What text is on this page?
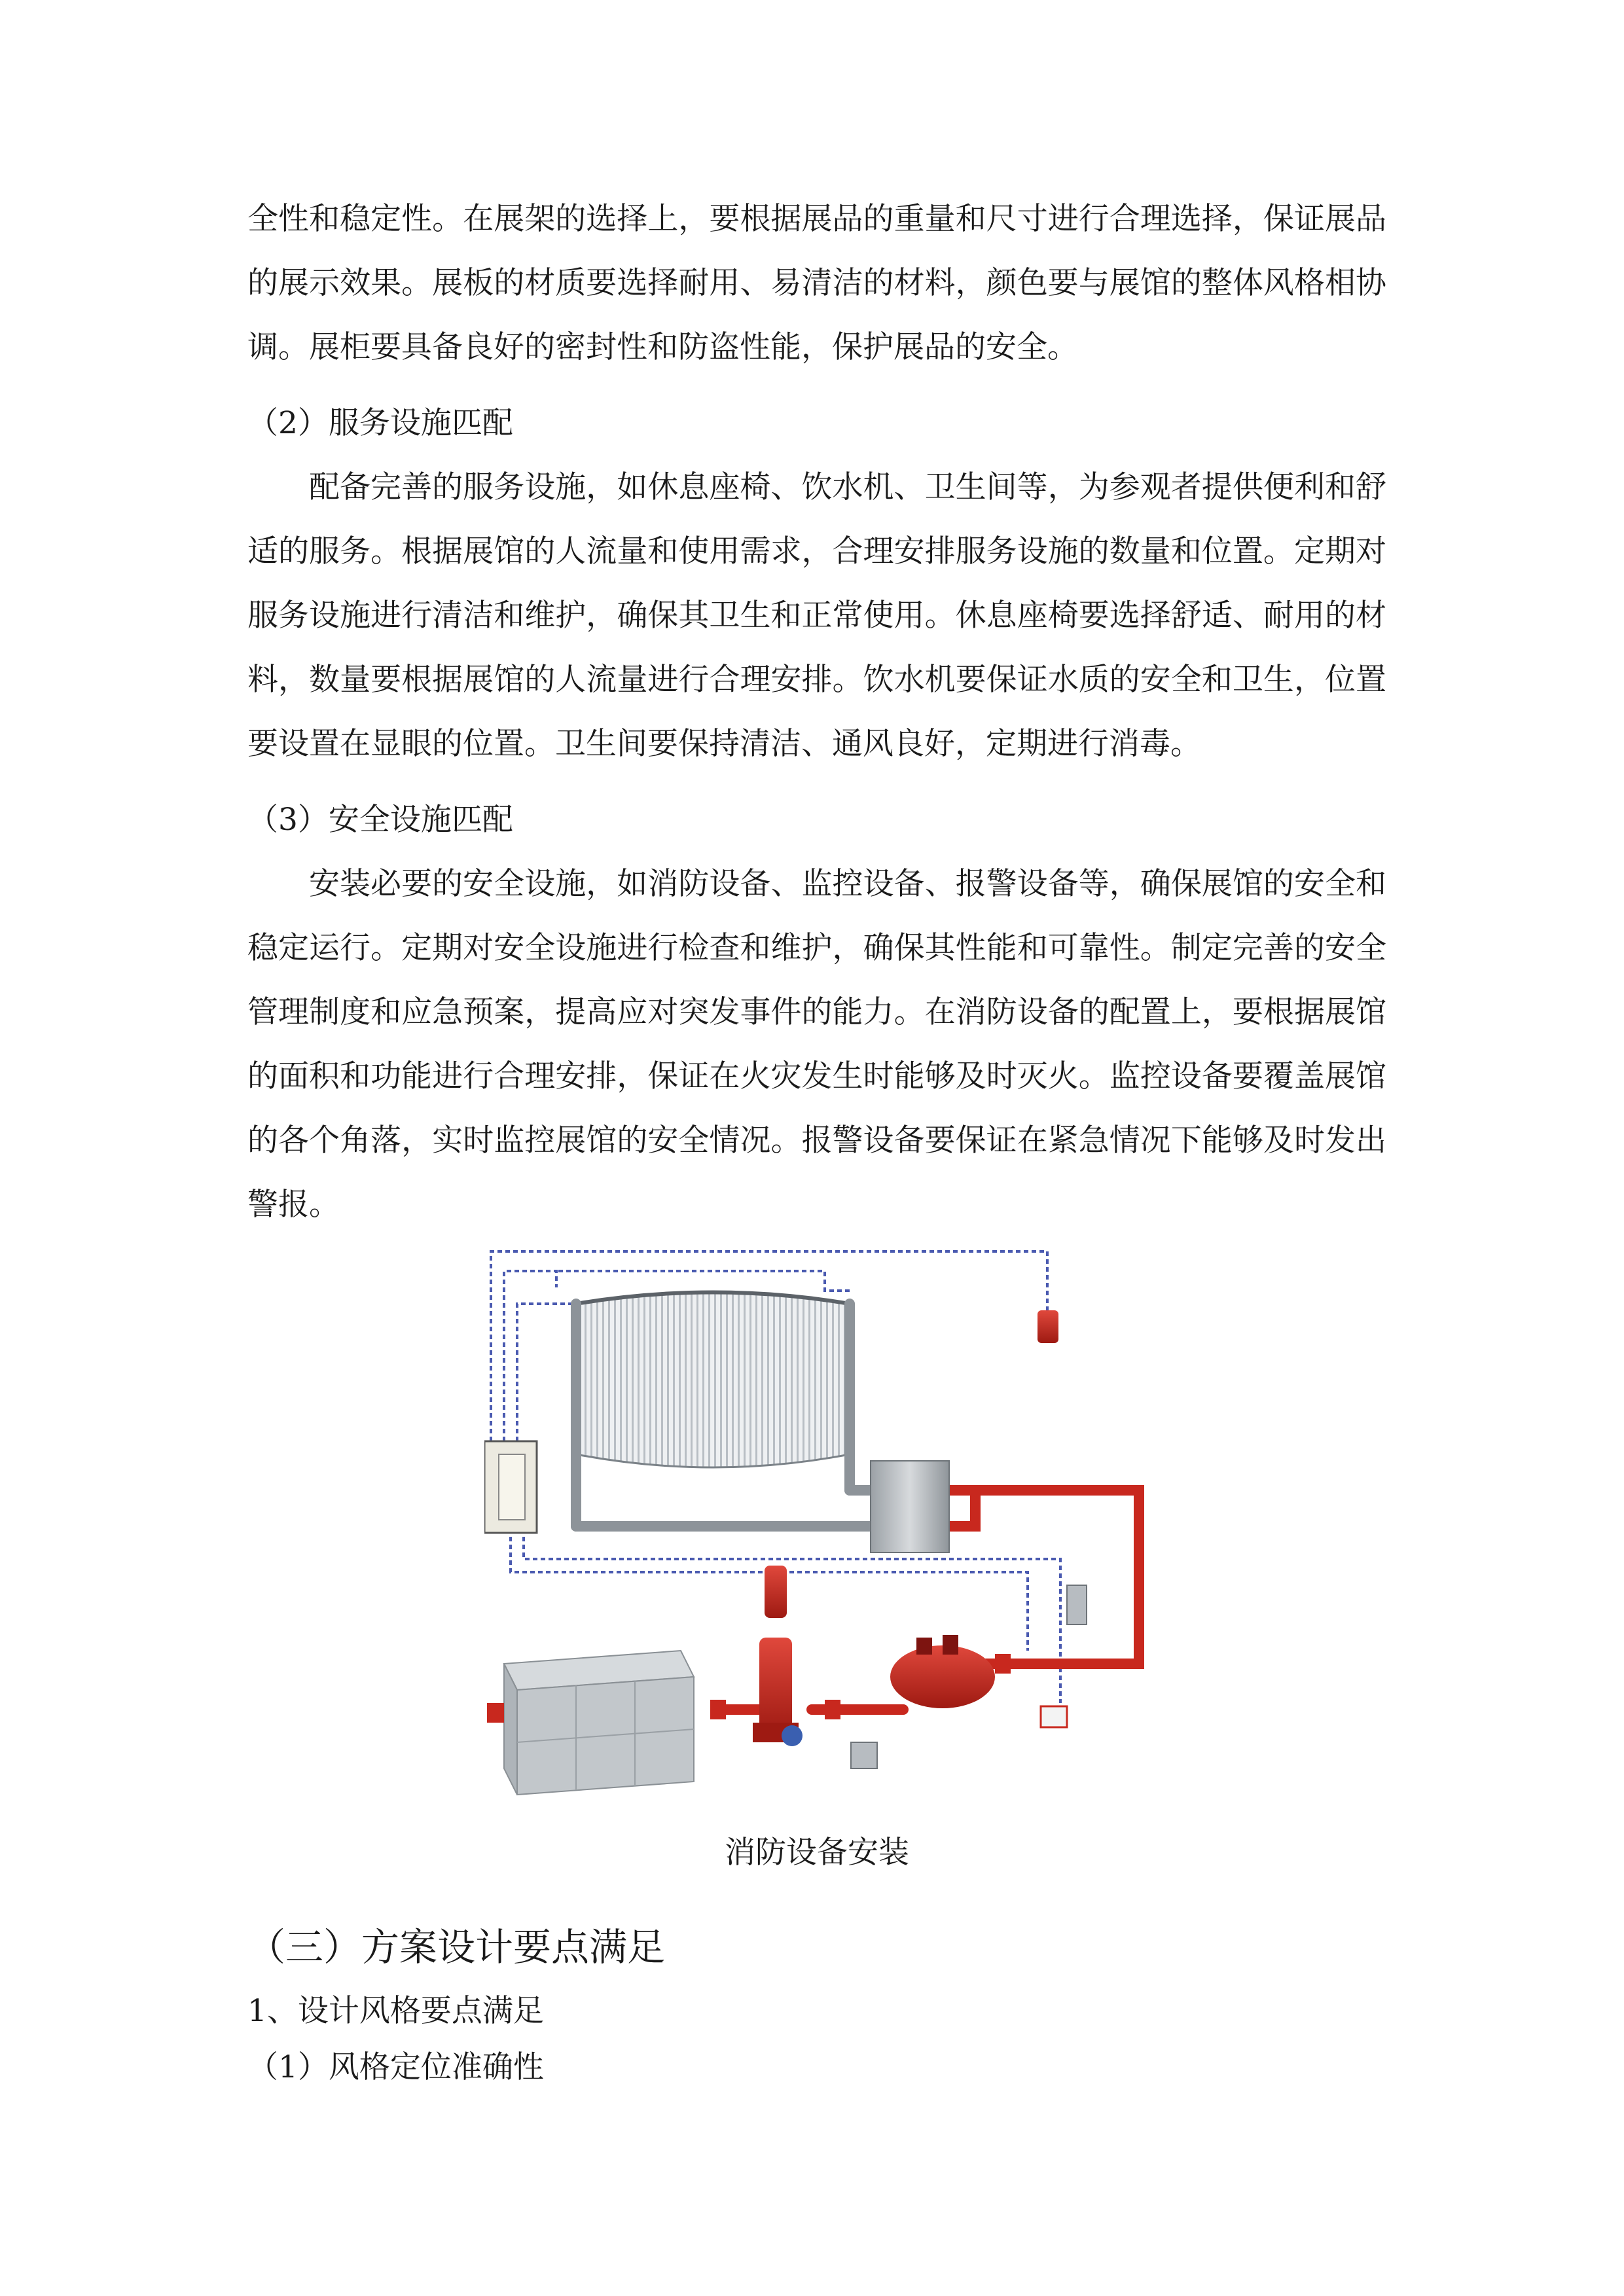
全性和稳定性。在展架的选择上，要根据展品的重量和尺寸进行合理选择，保证展品的展示效果。展板的材质要选择耐用、易清洁的材料，颜色要与展馆的整体风格相协调。展柜要具备良好的密封性和防盗性能，保护展品的安全。

（2）服务设施匹配

配备完善的服务设施，如休息座椅、饮水机、卫生间等，为参观者提供便利和舒适的服务。根据展馆的人流量和使用需求，合理安排服务设施的数量和位置。定期对服务设施进行清洁和维护，确保其卫生和正常使用。休息座椅要选择舒适、耐用的材料，数量要根据展馆的人流量进行合理安排。饮水机要保证水质的安全和卫生，位置要设置在显眼的位置。卫生间要保持清洁、通风良好，定期进行消毒。

（3）安全设施匹配

安装必要的安全设施，如消防设备、监控设备、报警设备等，确保展馆的安全和稳定运行。定期对安全设施进行检查和维护，确保其性能和可靠性。制定完善的安全管理制度和应急预案，提高应对突发事件的能力。在消防设备的配置上，要根据展馆的面积和功能进行合理安排，保证在火灾发生时能够及时灭火。监控设备要覆盖展馆的各个角落，实时监控展馆的安全情况。报警设备要保证在紧急情况下能够及时发出警报。

消防设备安装
（三）方案设计要点满足
1、设计风格要点满足
（1）风格定位准确性
